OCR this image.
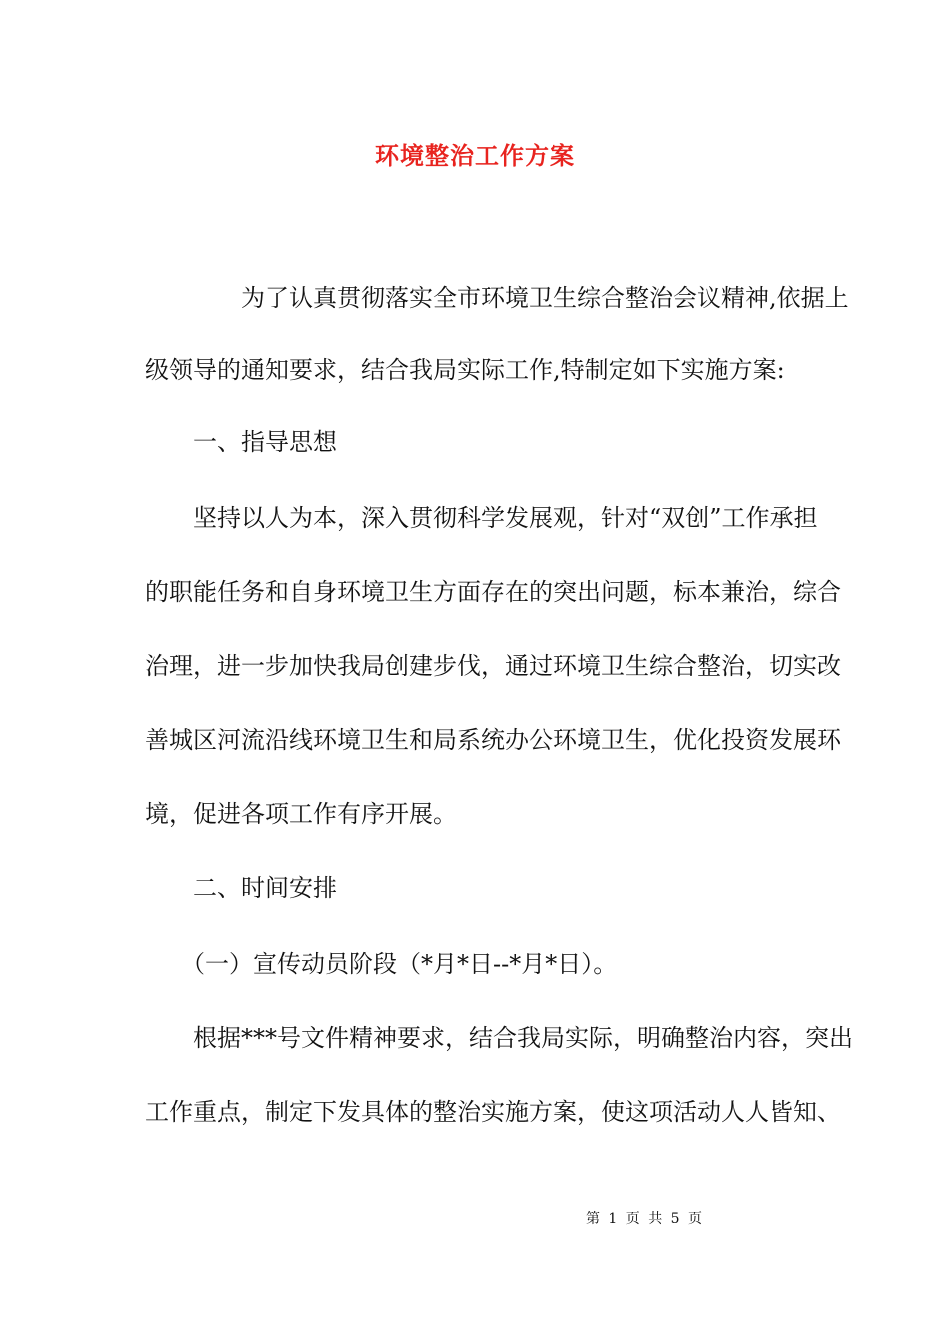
环境整治工作方案

　　　　为了认真贯彻落实全市环境卫生综合整治会议精神,依据上

级领导的通知要求，结合我局实际工作,特制定如下实施方案:

　　一、指导思想

　　坚持以人为本，深入贯彻科学发展观，针对“双创”工作承担

的职能任务和自身环境卫生方面存在的突出问题，标本兼治，综合

治理，进一步加快我局创建步伐，通过环境卫生综合整治，切实改

善城区河流沿线环境卫生和局系统办公环境卫生，优化投资发展环

境，促进各项工作有序开展。

　　二、时间安排

　　（一）宣传动员阶段（*月*日--*月*日）。

　　根据***号文件精神要求，结合我局实际，明确整治内容，突出

工作重点，制定下发具体的整治实施方案，使这项活动人人皆知、

第 1 页 共 5 页
